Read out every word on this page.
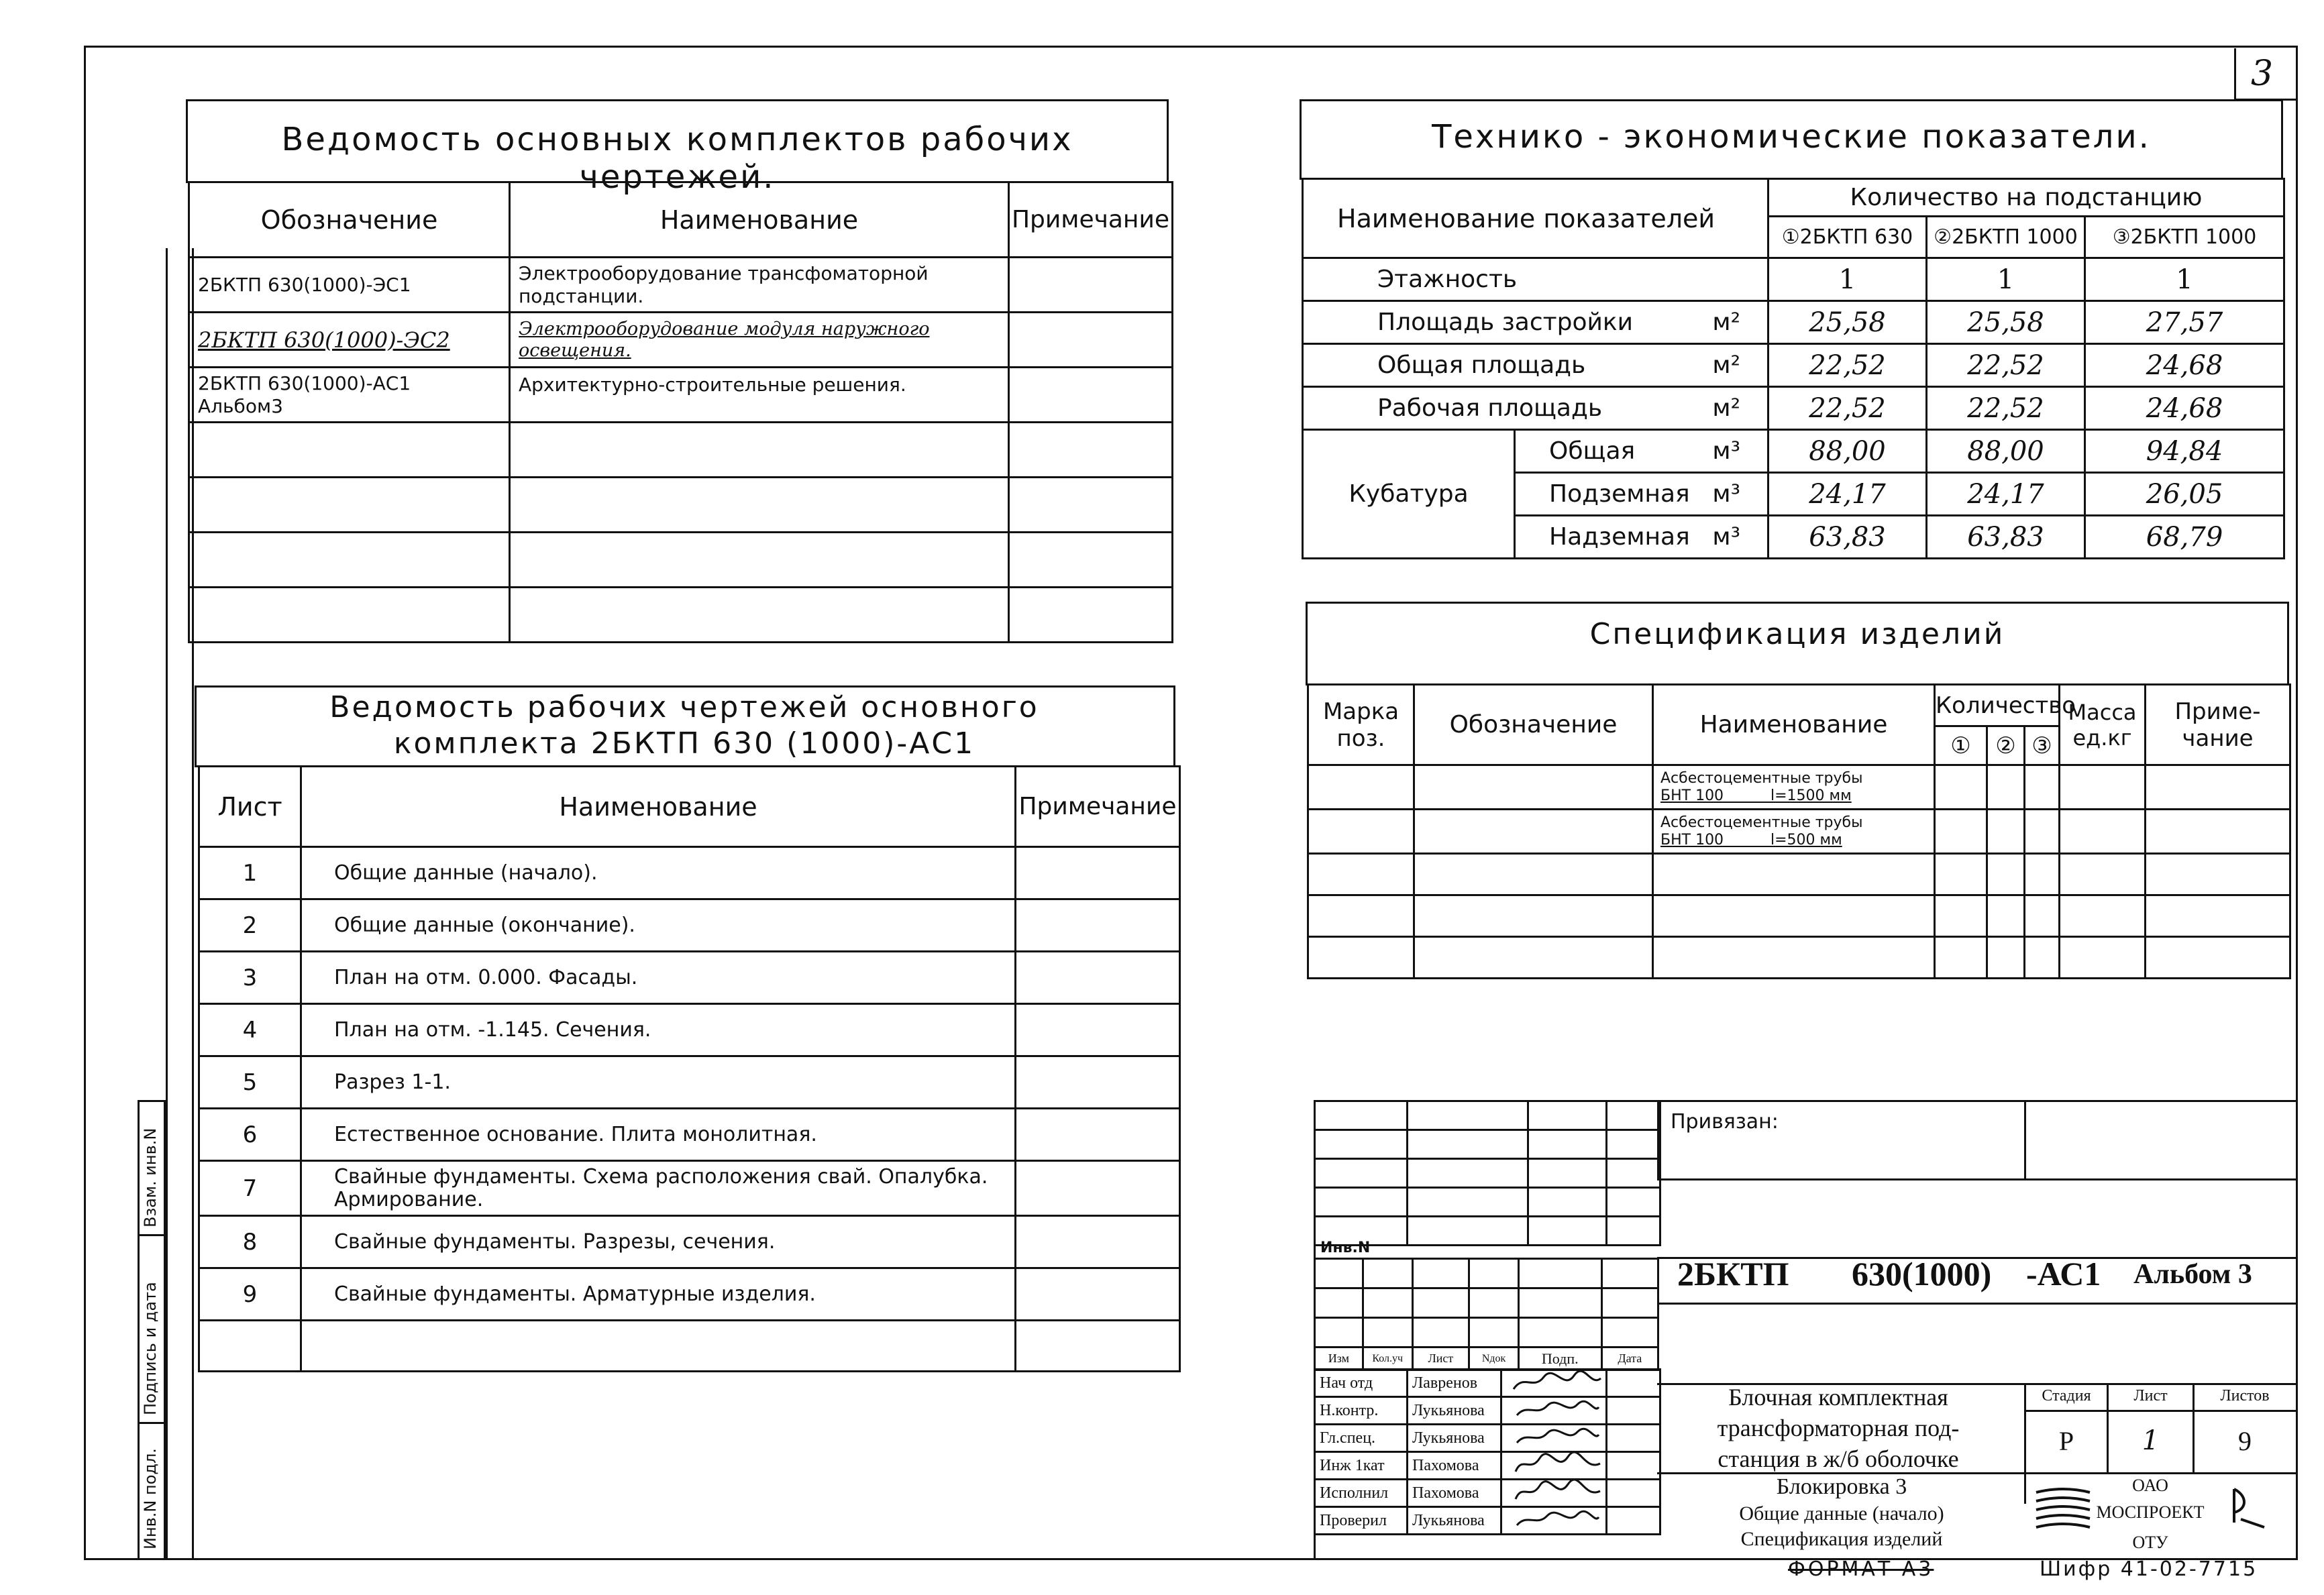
3
Взам. инв.N
Подпись и дата
Инв.N подл.
Ведомость основных комплектов рабочих чертежей.
Обозначение	Наименование	Примечание
2БКТП 630(1000)-ЭС1	Электрооборудование трансфоматорной подстанции.	
2БКТП 630(1000)-ЭС2	Электрооборудование модуля наружного освещения.	
2БКТП 630(1000)-АС1 Альбом3	Архитектурно-строительные решения.	

Ведомость рабочих чертежей основного комплекта 2БКТП 630 (1000)-АС1
Лист	Наименование	Примечание
1	Общие данные (начало).	
2	Общие данные (окончание).	
3	План на отм. 0.000. Фасады.	
4	План на отм. -1.145. Сечения.	
5	Разрез 1-1.	
6	Естественное основание. Плита монолитная.	
7	Свайные фундаменты. Схема расположения свай. Опалубка. Армирование.	
8	Свайные фундаменты. Разрезы, сечения.	
9	Свайные фундаменты. Арматурные изделия.	

Технико - экономические показатели.
Наименование показателей		Количество на подстанцию		
		①2БКТП 630	②2БКТП 1000	③2БКТП 1000
Этажность		1	1	1
Площадь застройки м²		25,58	25,58	27,57
Общая площадь м²		22,52	22,52	24,68
Рабочая площадь м²		22,52	22,52	24,68
Кубатура	Общая м³	88,00	88,00	94,84
	Подземная м³	24,17	24,17	26,05
	Надземная м³	63,83	63,83	68,79
Спецификация изделий
Марка поз.	Обозначение	Наименование	Количество			Масса ед.кг	Приме- чание
			①	②	③		

		Асбестоцементные трубы
БНТ 100          l=1500 мм					

		Асбестоцементные трубы
БНТ 100          l=500 мм					

Инв.N

Изм	Кол.уч	Лист	Nдок	Подп.	Дата
Нач отд	Лавренов		
Н.контр.	Лукьянова		
Гл.спец.	Лукьянова		
Инж 1кат	Пахомова		
Исполнил	Пахомова		
Проверил	Лукьянова		
Привязан:
2БКТП 630(1000) -АС1 Альбом 3
Блочная комплектная трансформаторная под- станция в ж/б оболочке
Стадия	Лист	Листов
Р	1	9
Блокировка 3
Общие данные (начало)
Спецификация изделий
ОАО
МОСПРОЕКТ
ОТУ
ФОРМАТ А3	Шифр 41-02-7715
